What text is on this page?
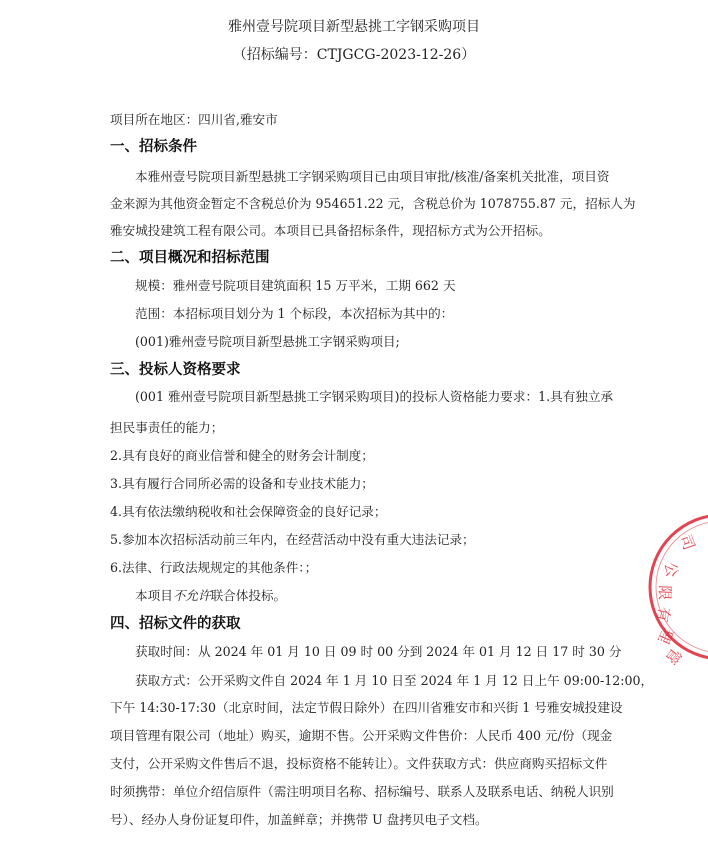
雅州壹号院项目新型悬挑工字钢采购项目
（招标编号：CTJGCG-2023-12-26）
项目所在地区：四川省,雅安市
一、招标条件
本雅州壹号院项目新型悬挑工字钢采购项目已由项目审批/核准/备案机关批准，项目资
金来源为其他资金暂定不含税总价为 954651.22 元，含税总价为 1078755.87 元，招标人为
雅安城投建筑工程有限公司。本项目已具备招标条件，现招标方式为公开招标。
二、项目概况和招标范围
规模：雅州壹号院项目建筑面积 15 万平米，工期 662 天
范围：本招标项目划分为 1 个标段，本次招标为其中的：
(001)雅州壹号院项目新型悬挑工字钢采购项目;
三、投标人资格要求
(001 雅州壹号院项目新型悬挑工字钢采购项目)的投标人资格能力要求：1.具有独立承
担民事责任的能力；
2.具有良好的商业信誉和健全的财务会计制度；
3.具有履行合同所必需的设备和专业技术能力；
4.具有依法缴纳税收和社会保障资金的良好记录；
5.参加本次招标活动前三年内，在经营活动中没有重大违法记录；
6.法律、行政法规规定的其他条件：；
本项目不允许联合体投标。
四、招标文件的获取
获取时间：从 2024 年 01 月 10 日 09 时 00 分到 2024 年 01 月 12 日 17 时 30 分
获取方式：公开采购文件自 2024 年 1 月 10 日至 2024 年 1 月 12 日上午 09:00-12:00，
下午 14:30-17:30（北京时间，法定节假日除外）在四川省雅安市和兴街 1 号雅安城投建设
项目管理有限公司（地址）购买，逾期不售。公开采购文件售价：人民币 400 元/份（现金
支付，公开采购文件售后不退，投标资格不能转让）。文件获取方式：供应商购买招标文件
时须携带：单位介绍信原件（需注明项目名称、招标编号、联系人及联系电话、纳税人识别
号）、经办人身份证复印件，加盖鲜章；并携带 U 盘拷贝电子文档。
司
公
限
有
理
管
